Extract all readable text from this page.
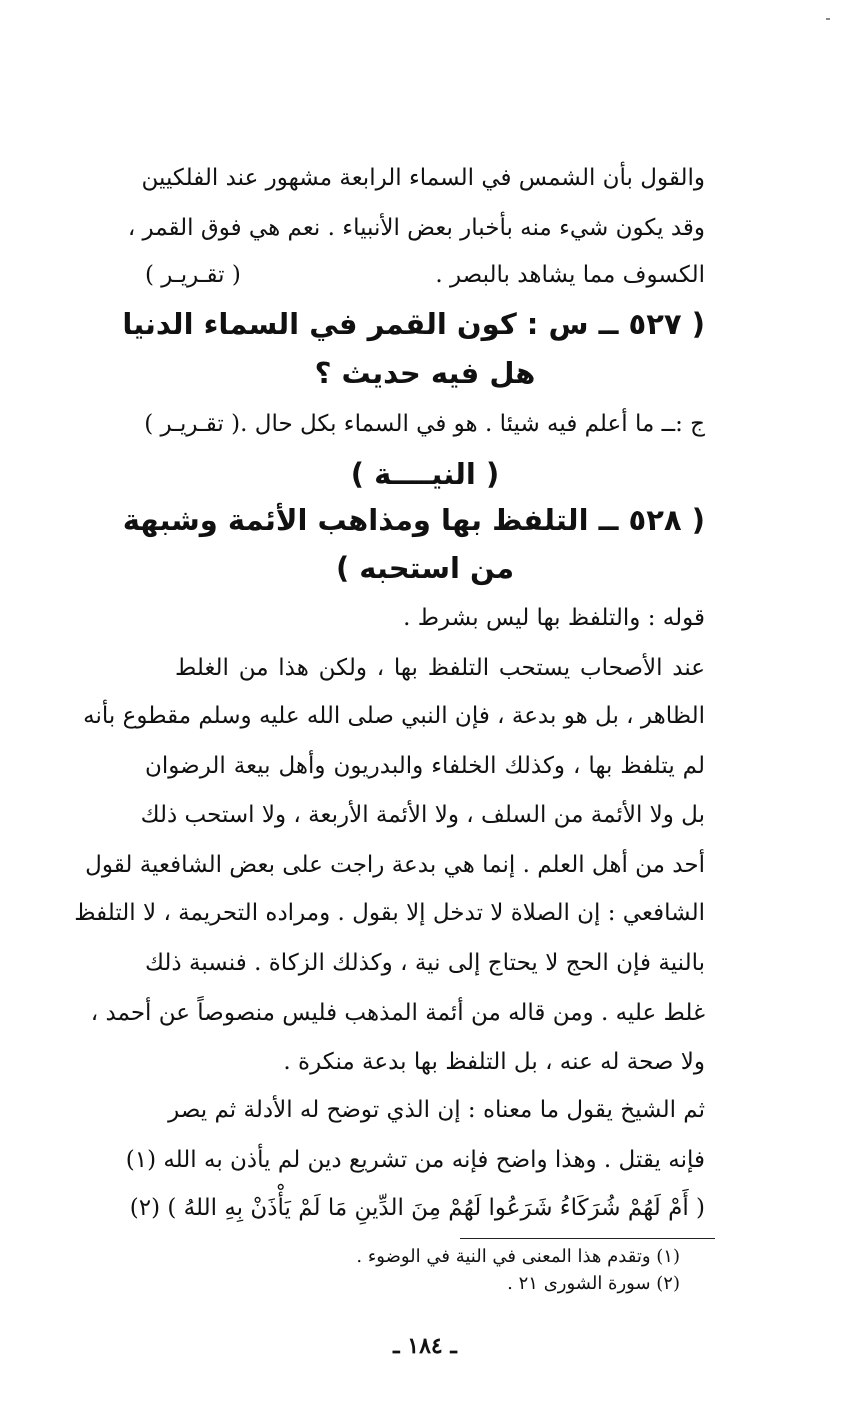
والقول بأن الشمس في السماء الرابعة مشهور عند الفلكيين
وقد يكون شيء منه بأخبار بعض الأنبياء . نعم هي فوق القمر ،
الكسوف مما يشاهد بالبصر .
( تقـريـر )
( ٥٢٧ ــ س : كون القمر في السماء الدنيا
هل فيه حديث ؟
ج :ــ ما أعلم فيه شيئا . هو في السماء بكل حال .
( تقـريـر )
( النيــــة )
( ٥٢٨ ــ التلفظ بها ومذاهب الأئمة وشبهة
من استحبه )
قوله : والتلفظ بها ليس بشرط .
عند الأصحاب يستحب التلفظ بها ، ولكن هذا من الغلط
الظاهر ، بل هو بدعة ، فإن النبي صلى الله عليه وسلم مقطوع بأنه
لم يتلفظ بها ، وكذلك الخلفاء والبدريون وأهل بيعة الرضوان
بل ولا الأئمة من السلف ، ولا الأئمة الأربعة ، ولا استحب ذلك
أحد من أهل العلم . إنما هي بدعة راجت على بعض الشافعية لقول
الشافعي : إن الصلاة لا تدخل إلا بقول . ومراده التحريمة ، لا التلفظ
بالنية فإن الحج لا يحتاج إلى نية ، وكذلك الزكاة . فنسبة ذلك
غلط عليه . ومن قاله من أئمة المذهب فليس منصوصاً عن أحمد ،
ولا صحة له عنه ، بل التلفظ بها بدعة منكرة .
ثم الشيخ يقول ما معناه : إن الذي توضح له الأدلة ثم يصر
فإنه يقتل . وهذا واضح فإنه من تشريع دين لم يأذن به الله (١)
( أَمْ لَهُمْ شُرَكَاءُ شَرَعُوا لَهُمْ مِنَ الدِّينِ مَا لَمْ يَأْذَنْ بِهِ اللهُ ) (٢)
(١) وتقدم هذا المعنى في النية في الوضوء .
(٢) سورة الشورى ٢١ .
ـ ١٨٤ ـ
